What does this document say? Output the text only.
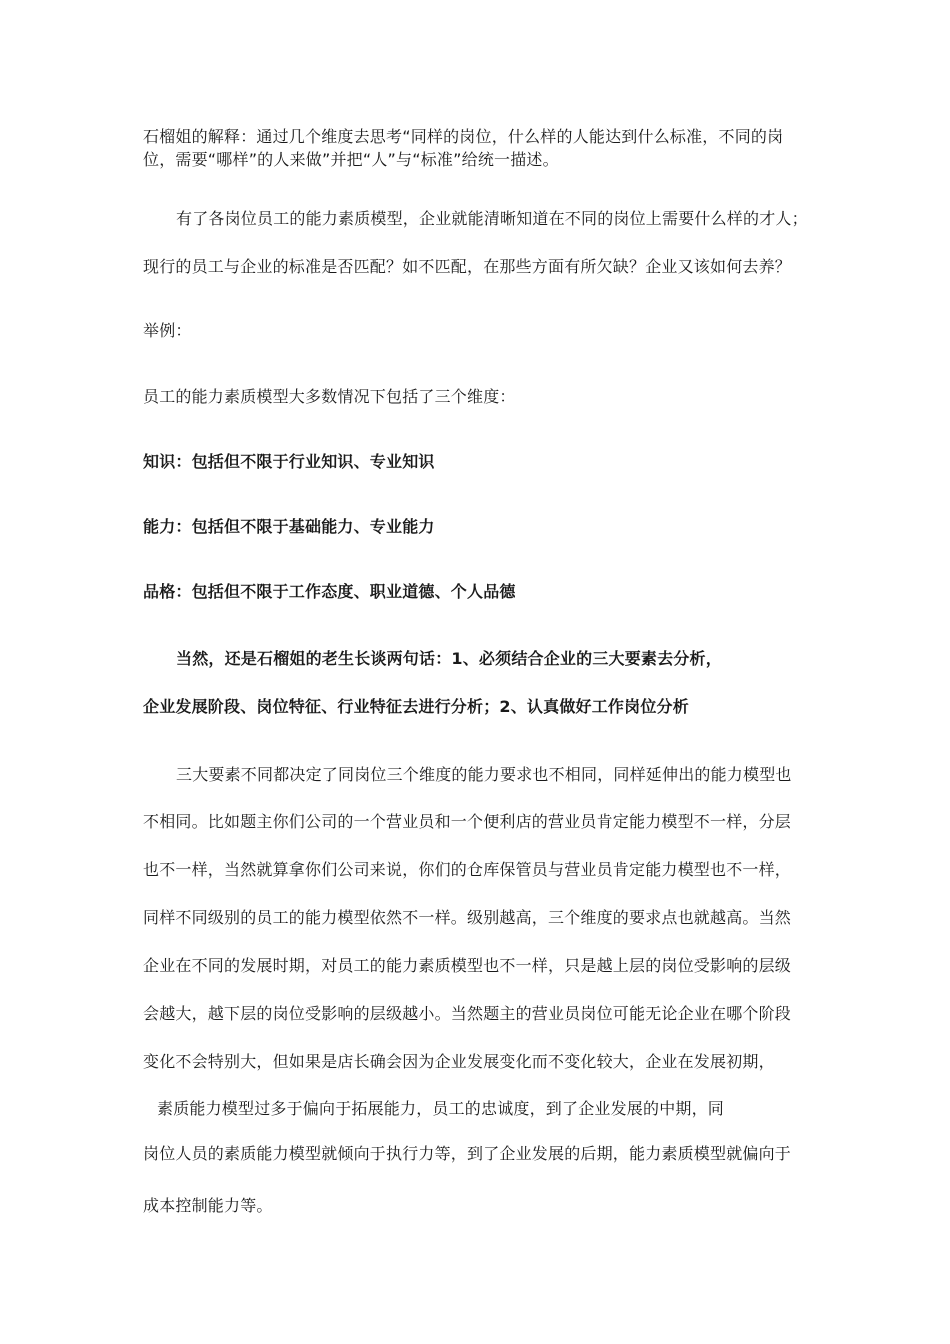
石榴姐的解释：通过几个维度去思考“同样的岗位，什么样的人能达到什么标准，不同的岗
位，需要“哪样”的人来做”并把“人”与“标准”给统一描述。
有了各岗位员工的能力素质模型，企业就能清晰知道在不同的岗位上需要什么样的才人；
现行的员工与企业的标准是否匹配？如不匹配，在那些方面有所欠缺？企业又该如何去养？
举例：
员工的能力素质模型大多数情况下包括了三个维度：
知识：包括但不限于行业知识、专业知识
能力：包括但不限于基础能力、专业能力
品格：包括但不限于工作态度、职业道德、个人品德
当然，还是石榴姐的老生长谈两句话：1、必须结合企业的三大要素去分析，
企业发展阶段、岗位特征、行业特征去进行分析；2、认真做好工作岗位分析
三大要素不同都决定了同岗位三个维度的能力要求也不相同，同样延伸出的能力模型也
不相同。比如题主你们公司的一个营业员和一个便利店的营业员肯定能力模型不一样，分层
也不一样，当然就算拿你们公司来说，你们的仓库保管员与营业员肯定能力模型也不一样，
同样不同级别的员工的能力模型依然不一样。级别越高，三个维度的要求点也就越高。当然
企业在不同的发展时期，对员工的能力素质模型也不一样，只是越上层的岗位受影响的层级
会越大，越下层的岗位受影响的层级越小。当然题主的营业员岗位可能无论企业在哪个阶段
变化不会特别大，但如果是店长确会因为企业发展变化而不变化较大，企业在发展初期，
素质能力模型过多于偏向于拓展能力，员工的忠诚度，到了企业发展的中期，同
岗位人员的素质能力模型就倾向于执行力等，到了企业发展的后期，能力素质模型就偏向于
成本控制能力等。
